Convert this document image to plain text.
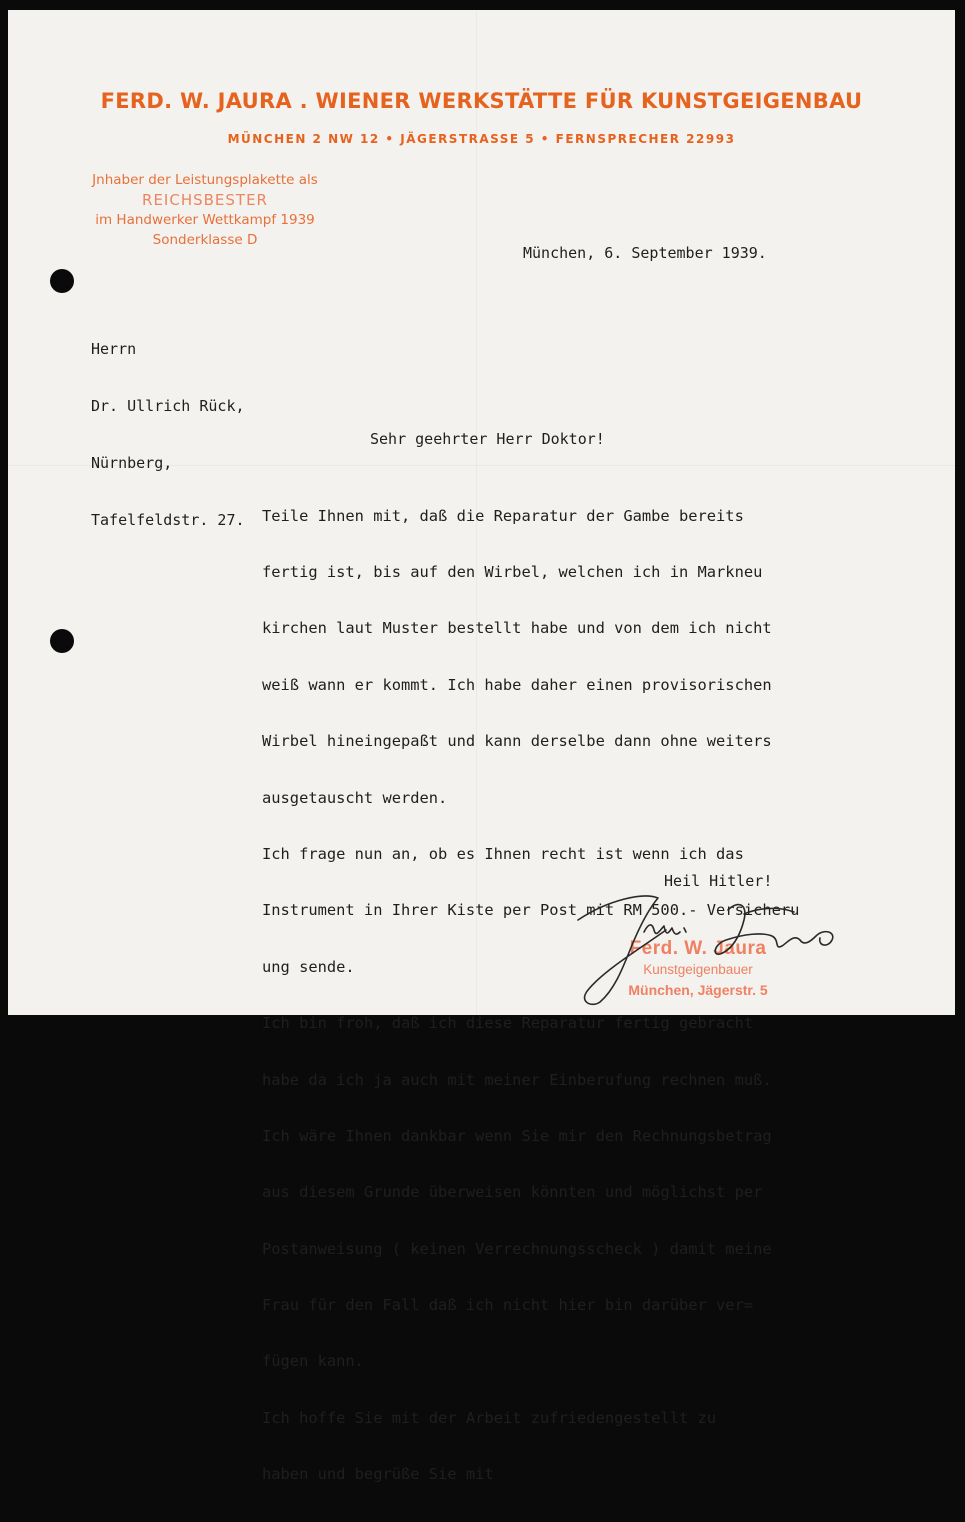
FERD. W. JAURA . WIENER WERKSTÄTTE FÜR KUNSTGEIGENBAU
MÜNCHEN 2 NW 12 • JÄGERSTRASSE 5 • FERNSPRECHER 22993
Jnhaber der Leistungsplakette als
REICHSBESTER
im Handwerker Wettkampf 1939
Sonderklasse D
München, 6. September 1939.

Herrn

Dr. Ullrich Rück,

Nürnberg,

Tafelfeldstr. 27.

Sehr geehrter Herr Doktor!

Teile Ihnen mit, daß die Reparatur der Gambe bereits

fertig ist, bis auf den Wirbel, welchen ich in Markneu

kirchen laut Muster bestellt habe und von dem ich nicht

weiß wann er kommt. Ich habe daher einen provisorischen

Wirbel hineingepaßt und kann derselbe dann ohne weiters

ausgetauscht werden.

Ich frage nun an, ob es Ihnen recht ist wenn ich das

Instrument in Ihrer Kiste per Post mit RM 500.- Versicheru

ung sende.

Ich bin froh, daß ich diese Reparatur fertig gebracht

habe da ich ja auch mit meiner Einberufung rechnen muß.

Ich wäre Ihnen dankbar wenn Sie mir den Rechnungsbetrag

aus diesem Grunde überweisen könnten und möglichst per

Postanweisung ( keinen Verrechnungsscheck ) damit meine

Frau für den Fall daß ich nicht hier bin darüber ver=

fügen kann.

Ich hoffe Sie mit der Arbeit zufriedengestellt zu

haben und begrüße Sie mit

Heil Hitler!
Ferd. W. Jaura
Kunstgeigenbauer
München, Jägerstr. 5
